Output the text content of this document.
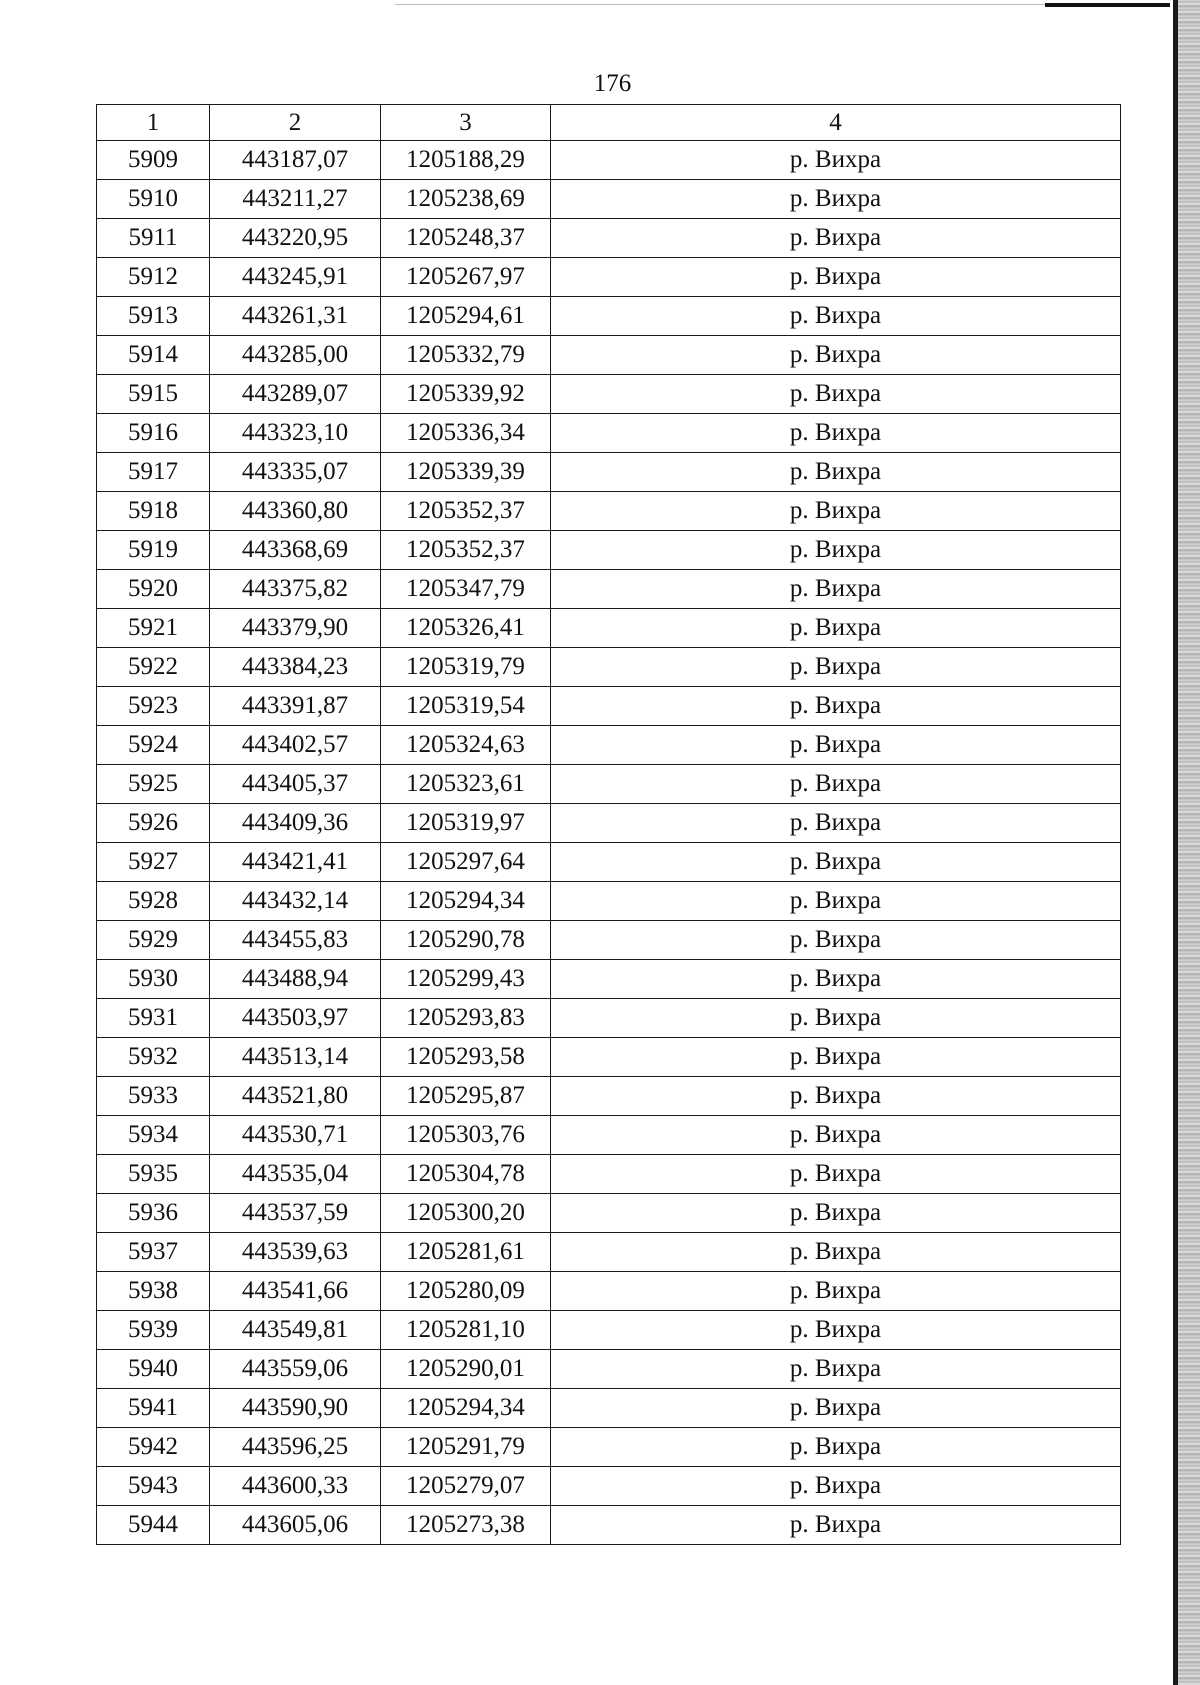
176
1	2	3	4
5909	443187,07	1205188,29	р. Вихра
5910	443211,27	1205238,69	р. Вихра
5911	443220,95	1205248,37	р. Вихра
5912	443245,91	1205267,97	р. Вихра
5913	443261,31	1205294,61	р. Вихра
5914	443285,00	1205332,79	р. Вихра
5915	443289,07	1205339,92	р. Вихра
5916	443323,10	1205336,34	р. Вихра
5917	443335,07	1205339,39	р. Вихра
5918	443360,80	1205352,37	р. Вихра
5919	443368,69	1205352,37	р. Вихра
5920	443375,82	1205347,79	р. Вихра
5921	443379,90	1205326,41	р. Вихра
5922	443384,23	1205319,79	р. Вихра
5923	443391,87	1205319,54	р. Вихра
5924	443402,57	1205324,63	р. Вихра
5925	443405,37	1205323,61	р. Вихра
5926	443409,36	1205319,97	р. Вихра
5927	443421,41	1205297,64	р. Вихра
5928	443432,14	1205294,34	р. Вихра
5929	443455,83	1205290,78	р. Вихра
5930	443488,94	1205299,43	р. Вихра
5931	443503,97	1205293,83	р. Вихра
5932	443513,14	1205293,58	р. Вихра
5933	443521,80	1205295,87	р. Вихра
5934	443530,71	1205303,76	р. Вихра
5935	443535,04	1205304,78	р. Вихра
5936	443537,59	1205300,20	р. Вихра
5937	443539,63	1205281,61	р. Вихра
5938	443541,66	1205280,09	р. Вихра
5939	443549,81	1205281,10	р. Вихра
5940	443559,06	1205290,01	р. Вихра
5941	443590,90	1205294,34	р. Вихра
5942	443596,25	1205291,79	р. Вихра
5943	443600,33	1205279,07	р. Вихра
5944	443605,06	1205273,38	р. Вихра
